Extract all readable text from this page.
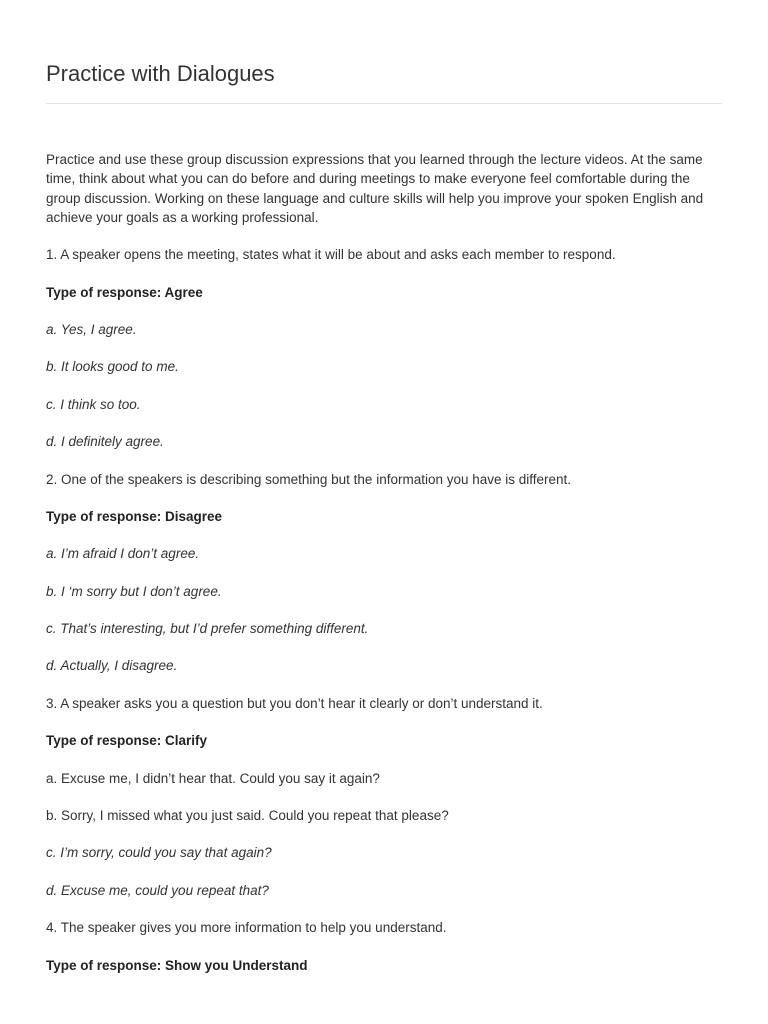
Practice with Dialogues

Practice and use these group discussion expressions that you learned through the lecture videos. At the same time, think about what you can do before and during meetings to make everyone feel comfortable during the group discussion. Working on these language and culture skills will help you improve your spoken English and achieve your goals as a working professional.

1. A speaker opens the meeting, states what it will be about and asks each member to respond.

Type of response: Agree

a. Yes, I agree.

b. It looks good to me.

c. I think so too.

d. I definitely agree.

2. One of the speakers is describing something but the information you have is different.

Type of response: Disagree

a. I’m afraid I don’t agree.

b. I ‘m sorry but I don’t agree.

c. That’s interesting, but I’d prefer something different.

d. Actually, I disagree.

3. A speaker asks you a question but you don’t hear it clearly or don’t understand it.

Type of response: Clarify

a. Excuse me, I didn’t hear that. Could you say it again?

b. Sorry, I missed what you just said. Could you repeat that please?

c. I’m sorry, could you say that again?

d. Excuse me, could you repeat that?

4. The speaker gives you more information to help you understand.

Type of response: Show you Understand
